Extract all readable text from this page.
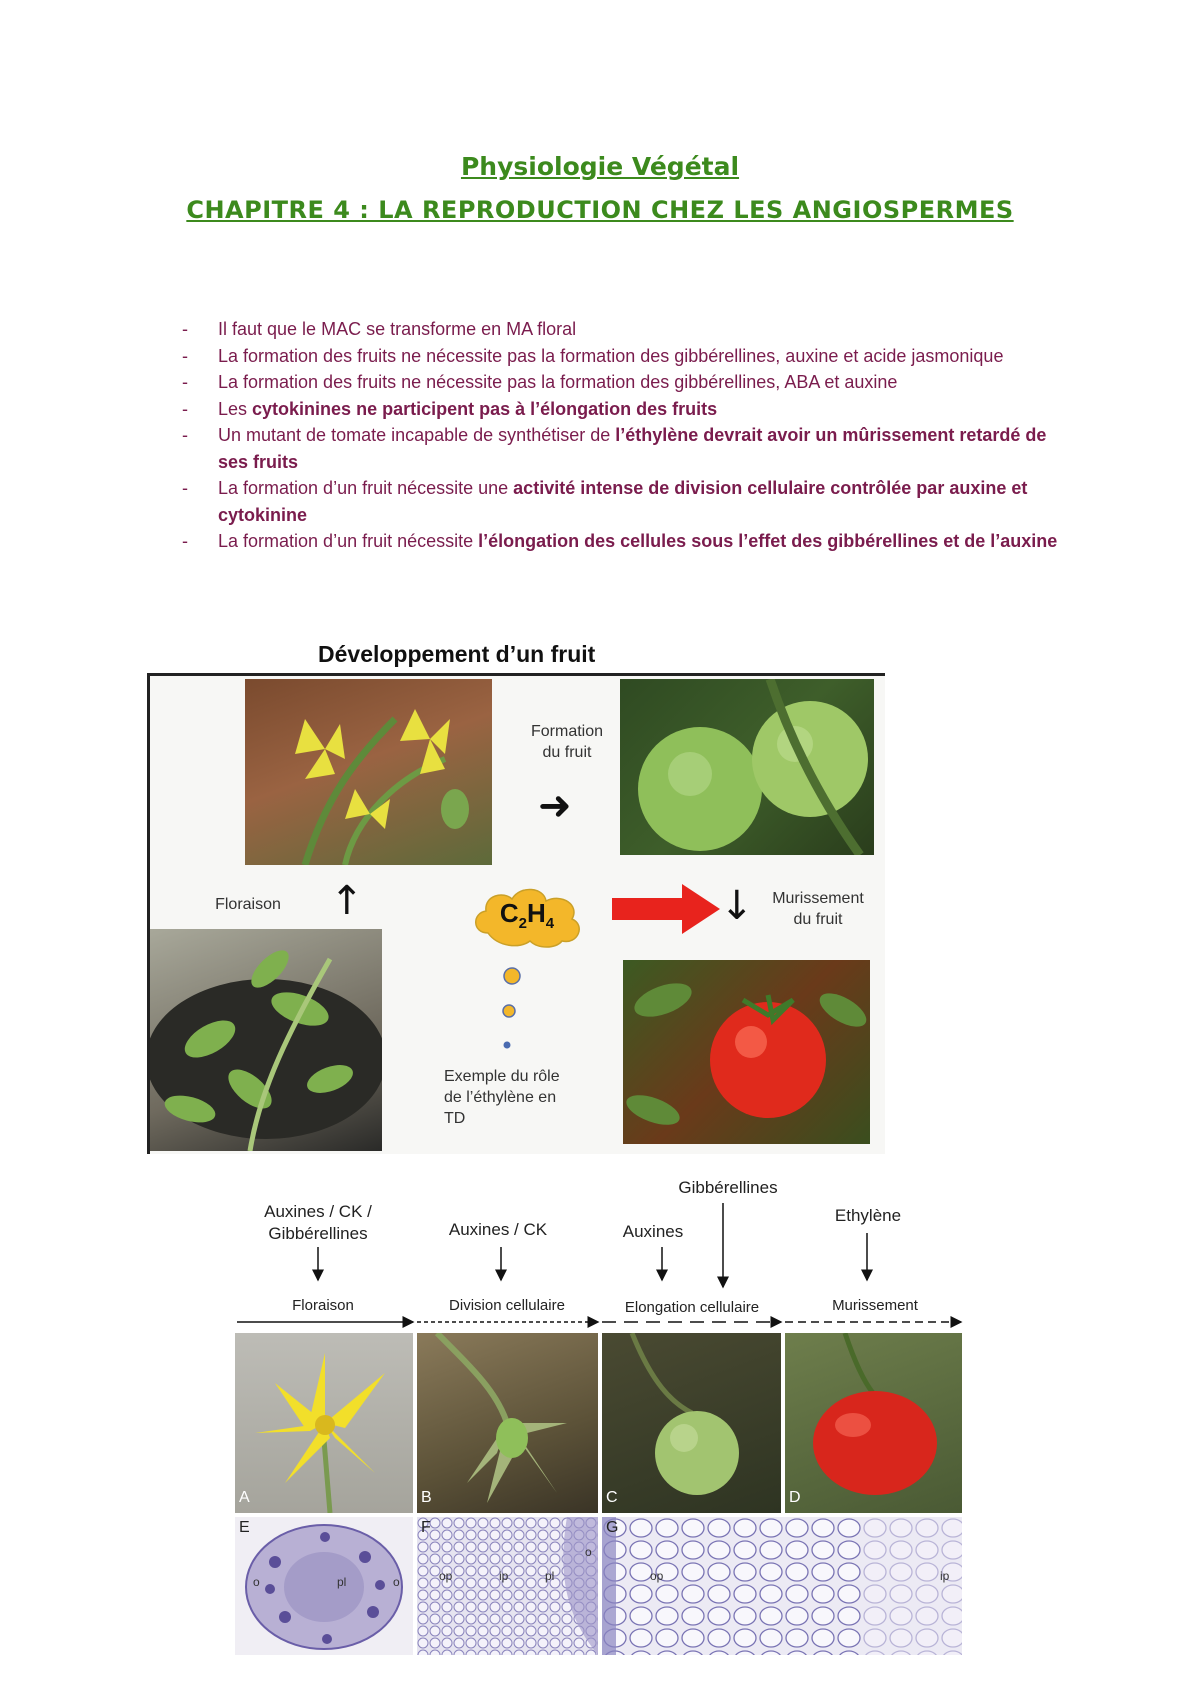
Physiologie Végétal
CHAPITRE 4 : LA REPRODUCTION CHEZ LES ANGIOSPERMES
- Il faut que le MAC se transforme en MA floral
- La formation des fruits ne nécessite pas la formation des gibbérellines, auxine et acide jasmonique
- La formation des fruits ne nécessite pas la formation des gibbérellines, ABA et auxine
- Les cytokinines ne participent pas à l’élongation des fruits
- Un mutant de tomate incapable de synthétiser de l’éthylène devrait avoir un mûrissement retardé de ses fruits
- La formation d’un fruit nécessite une activité intense de division cellulaire contrôlée par auxine et cytokinine
- La formation d’un fruit nécessite l’élongation des cellules sous l’effet des gibbérellines et de l’auxine
Développement d’un fruit
Formation
du fruit
➜
Floraison	↑	$C_2H_4$	↓	Murissement
du fruit
Exemple du rôle
de l’éthylène en
TD
Auxines / CK /
Gibbérellines	Auxines / CK	Auxines
Gibbérellines
Ethylène
Floraison	Division cellulaire	Elongation cellulaire	Murissement
A	B	C	D
E
o	pl	o
F
op	ip	pl
o
G
op	ip
